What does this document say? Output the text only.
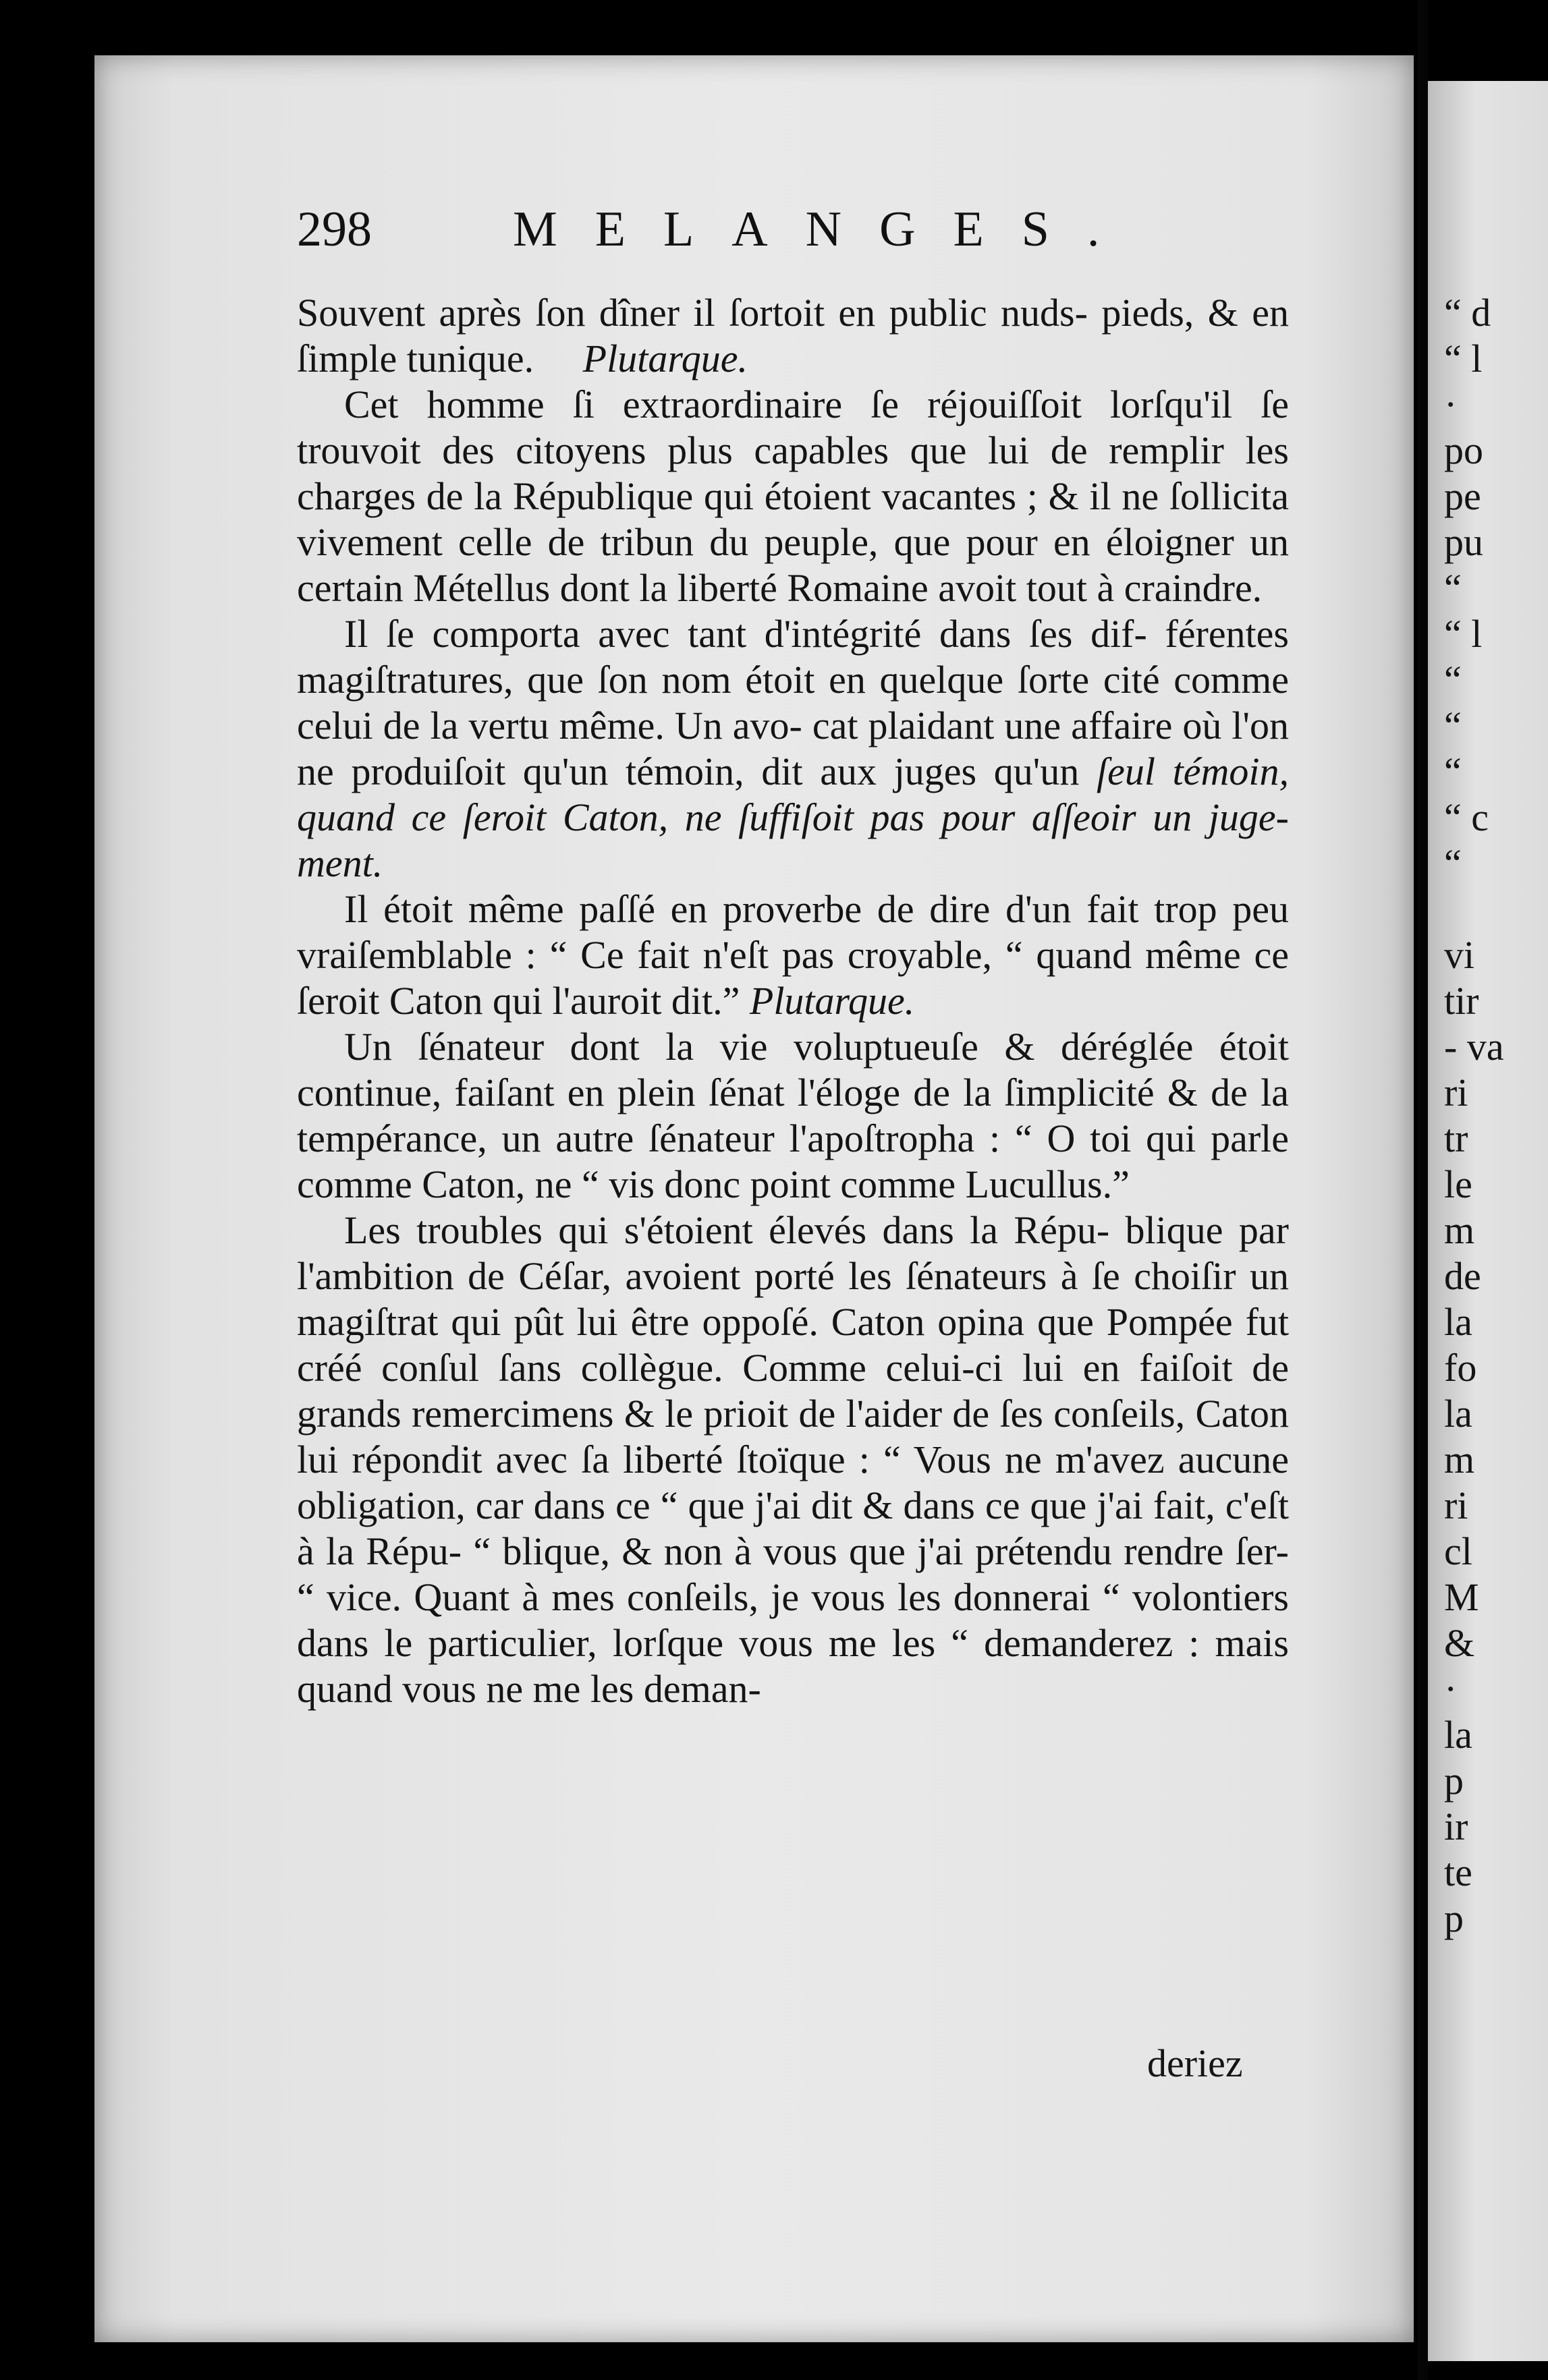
298	MELANGES.

Souvent après ſon dîner il ſortoit en public nuds- pieds, & en ſimple tunique. Plutarque.

Cet homme ſi extraordinaire ſe réjouiſſoit lorſqu'il ſe trouvoit des citoyens plus capables que lui de remplir les charges de la République qui étoient vacantes ; & il ne ſollicita vivement celle de tribun du peuple, que pour en éloigner un certain Métellus dont la liberté Romaine avoit tout à craindre.

Il ſe comporta avec tant d'intégrité dans ſes dif- férentes magiſtratures, que ſon nom étoit en quelque ſorte cité comme celui de la vertu même. Un avo- cat plaidant une affaire où l'on ne produiſoit qu'un témoin, dit aux juges qu'un ſeul témoin, quand ce ſeroit Caton, ne ſuffiſoit pas pour aſſeoir un juge- ment.

Il étoit même paſſé en proverbe de dire d'un fait trop peu vraiſemblable : “ Ce fait n'eſt pas croyable, “ quand même ce ſeroit Caton qui l'auroit dit.” Plutarque.

Un ſénateur dont la vie voluptueuſe & déréglée étoit continue, faiſant en plein ſénat l'éloge de la ſimplicité & de la tempérance, un autre ſénateur l'apoſtropha : “ O toi qui parle comme Caton, ne “ vis donc point comme Lucullus.”

Les troubles qui s'étoient élevés dans la Répu- blique par l'ambition de Céſar, avoient porté les ſénateurs à ſe choiſir un magiſtrat qui pût lui être oppoſé. Caton opina que Pompée fut créé conſul ſans collègue. Comme celui-ci lui en faiſoit de grands remercimens & le prioit de l'aider de ſes conſeils, Caton lui répondit avec ſa liberté ſtoïque : “ Vous ne m'avez aucune obligation, car dans ce “ que j'ai dit & dans ce que j'ai fait, c'eſt à la Répu- “ blique, & non à vous que j'ai prétendu rendre ſer- “ vice. Quant à mes conſeils, je vous les donnerai “ volontiers dans le particulier, lorſque vous me les “ demanderez : mais quand vous ne me les deman-

deriez
“ d
“ l
·
po
pe
pu
“
“ l
“
“
“
“ c
“
vi
tir
- va
ri
tr
le
m
de
la
fo
la
m
ri
cl
M
&
·
la
p
ir
te
p
